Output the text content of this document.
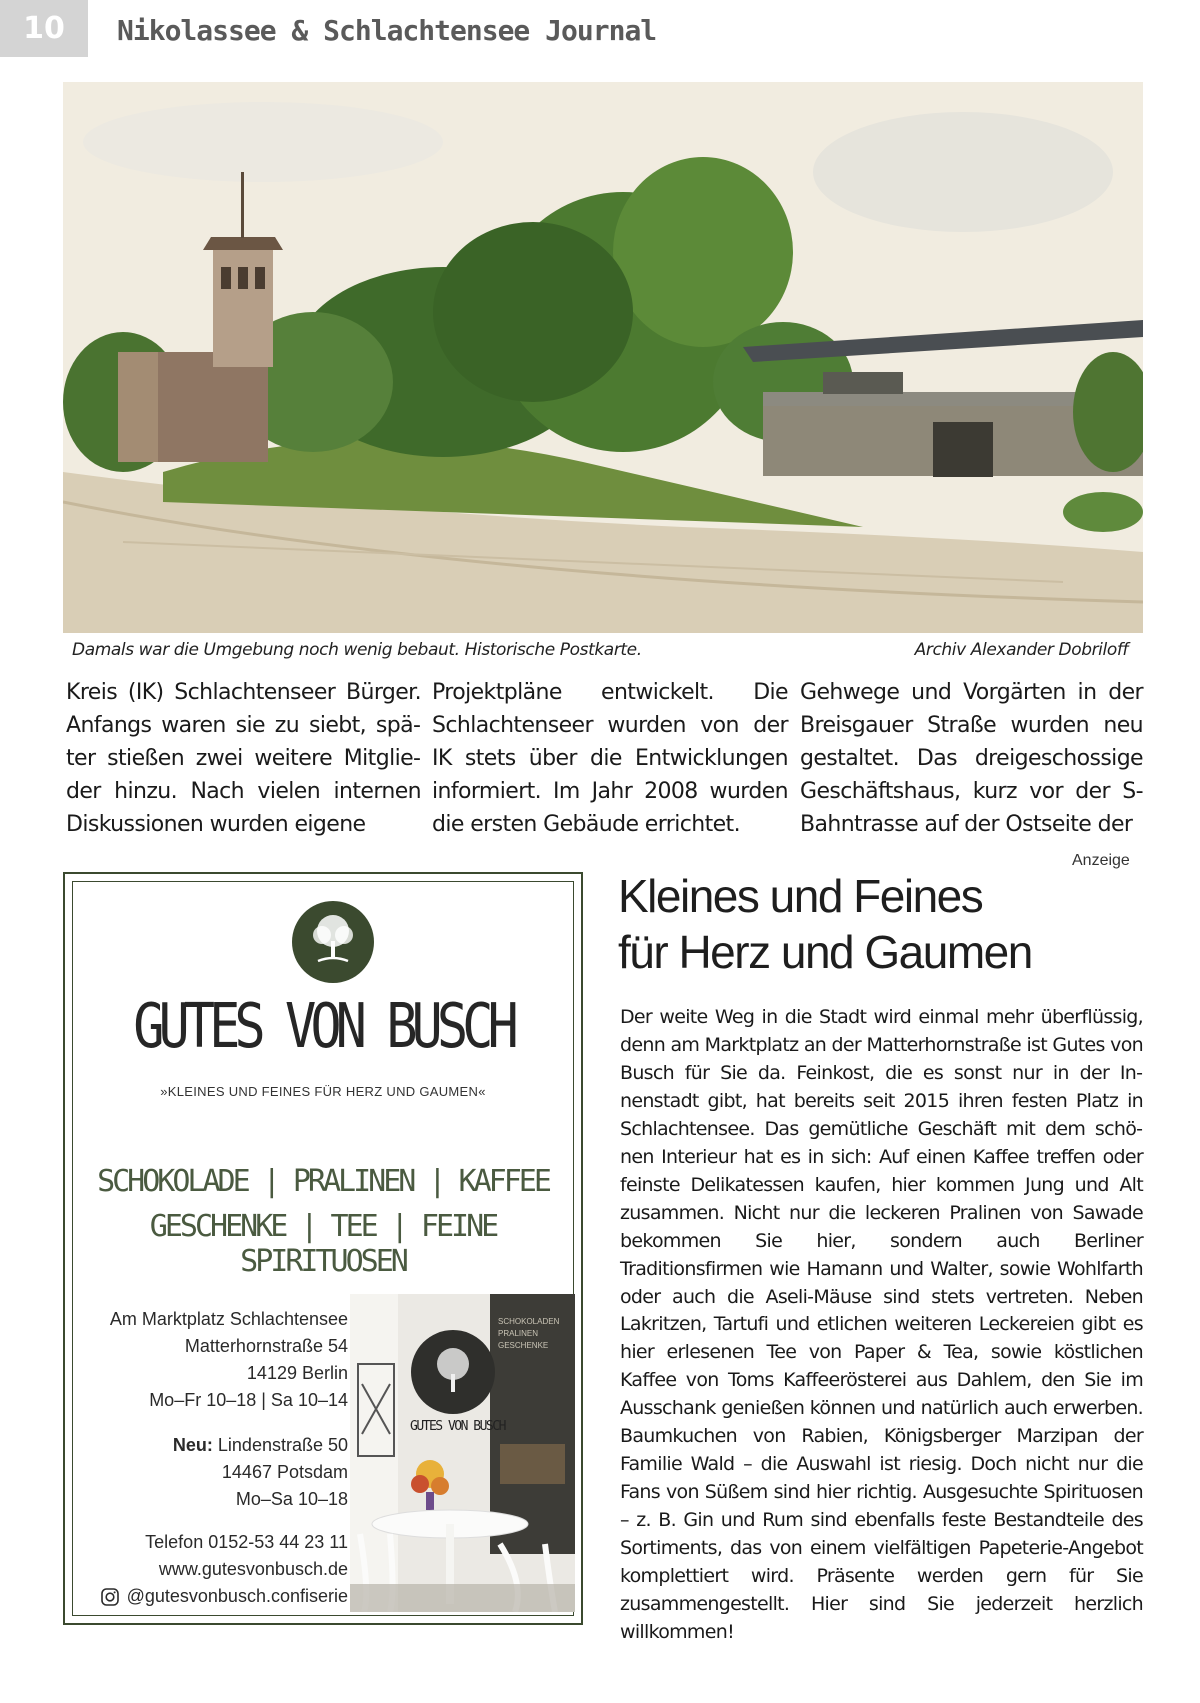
10	Nikolassee & Schlachtensee Journal
Damals war die Umgebung noch wenig bebaut. Historische Postkarte.	Archiv Alexander Dobriloff
Kreis (IK) Schlachtenseer Bürger. Anfangs waren sie zu siebt, später stießen zwei weitere Mitglieder hinzu. Nach vielen internen Diskussionen wurden eigene
Projektpläne entwickelt. Die Schlachtenseer wurden von der IK stets über die Entwicklungen informiert. Im Jahr 2008 wurden die ersten Gebäude errichtet.
Gehwege und Vorgärten in der Breisgauer Straße wurden neu gestaltet. Das dreigeschossige Geschäftshaus, kurz vor der S-Bahntrasse auf der Ostseite der
GUTES VON BUSCH
»KLEINES UND FEINES FÜR HERZ UND GAUMEN«
SCHOKOLADE | PRALINEN | KAFFEE
GESCHENKE | TEE | FEINE SPIRITUOSEN
Am Marktplatz Schlachtensee
Matterhornstraße 54
14129 Berlin
Mo–Fr 10–18 | Sa 10–14
Neu: Lindenstraße 50
14467 Potsdam
Mo–Sa 10–18
Telefon 0152-53 44 23 11
www.gutesvonbusch.de
@gutesvonbusch.confiserie
SCHOKOLADEN
PRALINEN
GESCHENKE
GUTES VON BUSCH
Anzeige
Kleines und Feines
für Herz und Gaumen
Der weite Weg in die Stadt wird einmal mehr überflüssig, denn am Marktplatz an der Matterhornstraße ist Gutes von Busch für Sie da. Feinkost, die es sonst nur in der Innenstadt gibt, hat bereits seit 2015 ihren festen Platz in Schlachtensee. Das gemütliche Geschäft mit dem schönen Interieur hat es in sich: Auf einen Kaffee treffen oder feinste Delikatessen kaufen, hier kommen Jung und Alt zusammen. Nicht nur die leckeren Pralinen von Sawade bekommen Sie hier, sondern auch Berliner Traditionsfirmen wie Hamann und Walter, sowie Wohlfarth oder auch die Aseli-Mäuse sind stets vertreten. Neben Lakritzen, Tartufi und etlichen weiteren Leckereien gibt es hier erlesenen Tee von Paper & Tea, sowie köstlichen Kaffee von Toms Kaffeerösterei aus Dahlem, den Sie im Ausschank genießen können und natürlich auch erwerben. Baumkuchen von Rabien, Königsberger Marzipan der Familie Wald – die Auswahl ist riesig. Doch nicht nur die Fans von Süßem sind hier richtig. Ausgesuchte Spirituosen – z. B. Gin und Rum sind ebenfalls feste Bestandteile des Sortiments, das von einem vielfältigen Papeterie-Angebot komplettiert wird. Präsente werden gern für Sie zusammengestellt. Hier sind Sie jederzeit herzlich willkommen!
